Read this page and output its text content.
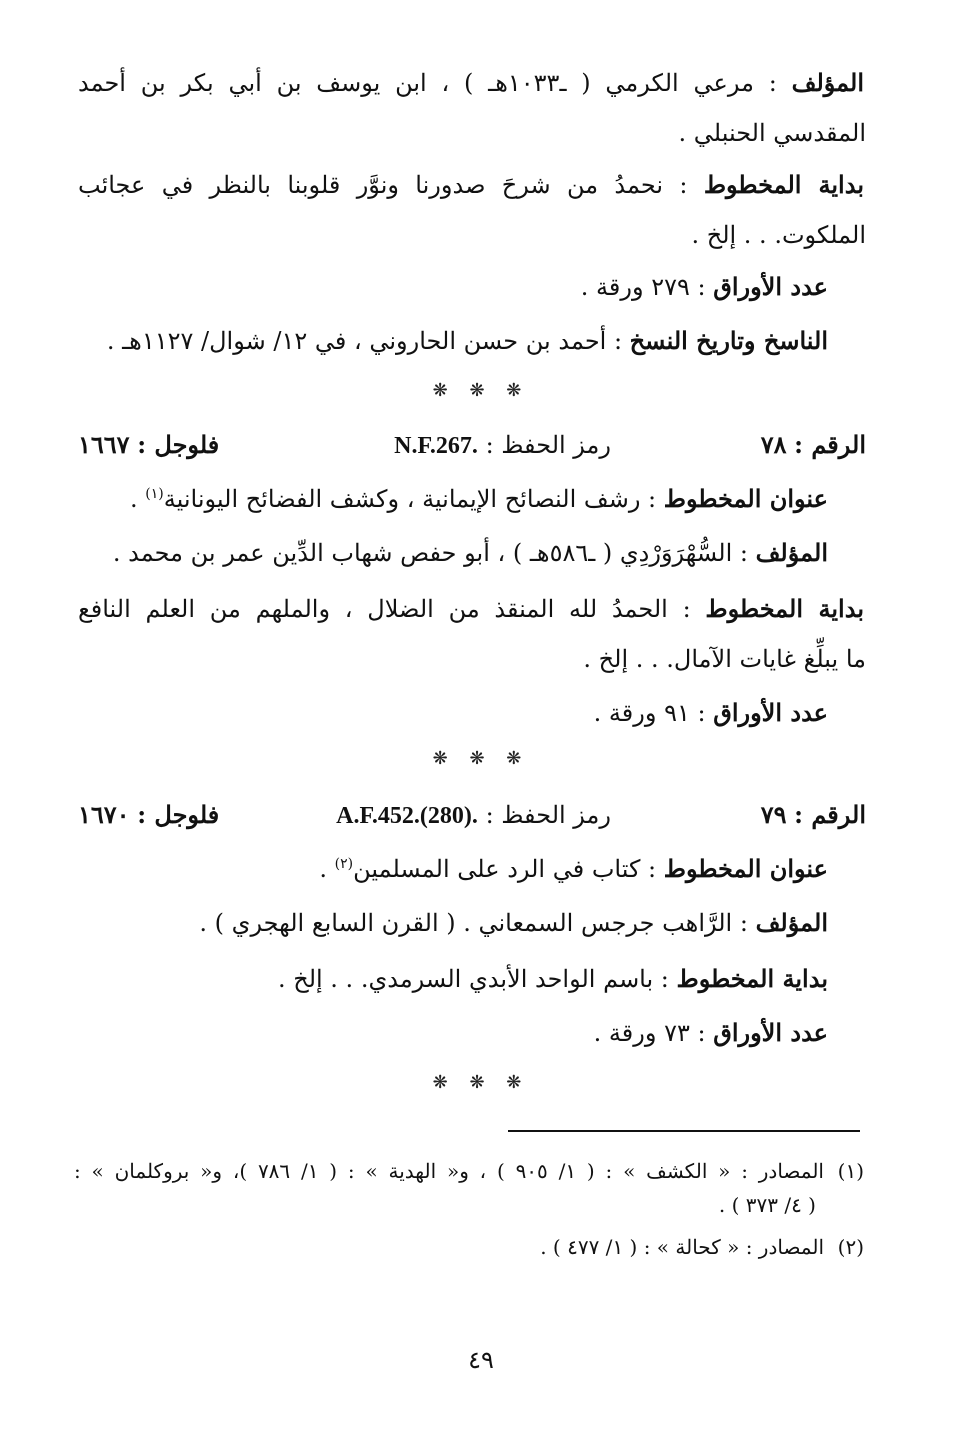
المؤلف : مرعي الكرمي ( ـ١٠٣٣هـ ) ، ابن يوسف بن أبي بكر بن أحمد
المقدسي الحنبلي .
بداية المخطوط : نحمدُ من شرحَ صدورنا ونوَّر قلوبنا بالنظر في عجائب
الملكوت. . . إلخ .
عدد الأوراق : ٢٧٩ ورقة .
الناسخ وتاريخ النسخ : أحمد بن حسن الحاروني ، في ١٢/ شوال/ ١١٢٧هـ .
❋ ❋ ❋
الرقم : ٧٨
رمز الحفظ : N.F.267.
فلوجل : ١٦٦٧
عنوان المخطوط : رشف النصائح الإيمانية ، وكشف الفضائح اليونانية$^{(١)}$ .
المؤلف : السُّهْرَوَرْدِي ( ـ٥٨٦هـ ) ، أبو حفص شهاب الدِّين عمر بن محمد .
بداية المخطوط : الحمدُ لله المنقذ من الضلال ، والملهم من العلم النافع
ما يبلِّغ غايات الآمال. . . إلخ .
عدد الأوراق : ٩١ ورقة .
❋ ❋ ❋
الرقم : ٧٩
رمز الحفظ : A.F.452.(280).
فلوجل : ١٦٧٠
عنوان المخطوط : كتاب في الرد على المسلمين$^{(٢)}$ .
المؤلف : الرَّاهب جرجس السمعاني . ( القرن السابع الهجري ) .
بداية المخطوط : باسم الواحد الأبدي السرمدي. . . إلخ .
عدد الأوراق : ٧٣ ورقة .
❋ ❋ ❋
(١)المصادر : « الكشف » : ( ١/ ٩٠٥ ) ، و« الهدية » : ( ١/ ٧٨٦ )، و« بروكلمان » :
( ٤/ ٣٧٣ ) .
(٢)المصادر : « كحالة » : ( ١/ ٤٧٧ ) .
٤٩
